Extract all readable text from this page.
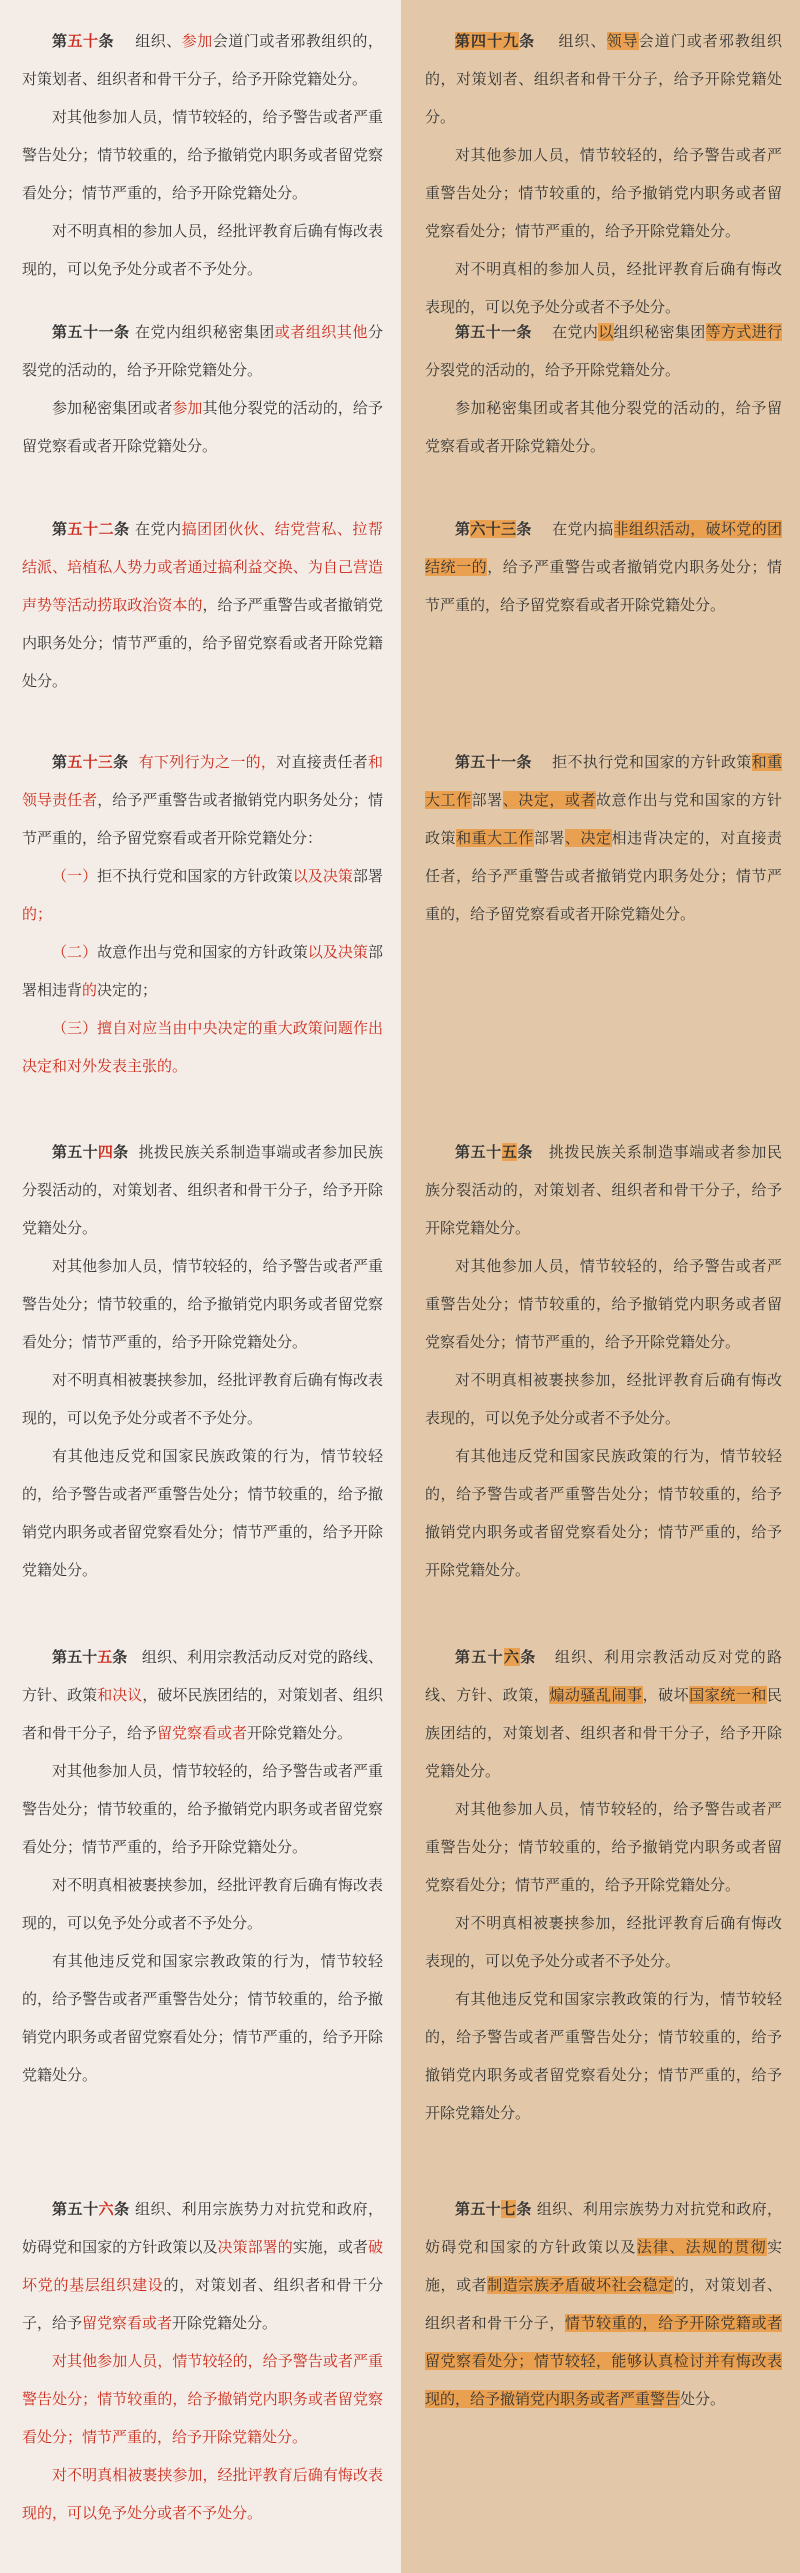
第五十条 组织、参加会道门或者邪教组织的，对策划者、组织者和骨干分子，给予开除党籍处分。

对其他参加人员，情节较轻的，给予警告或者严重警告处分；情节较重的，给予撤销党内职务或者留党察看处分；情节严重的，给予开除党籍处分。

对不明真相的参加人员，经批评教育后确有悔改表现的，可以免予处分或者不予处分。

第五十一条 在党内组织秘密集团或者组织其他分裂党的活动的，给予开除党籍处分。

参加秘密集团或者参加其他分裂党的活动的，给予留党察看或者开除党籍处分。

第五十二条 在党内搞团团伙伙、结党营私、拉帮结派、培植私人势力或者通过搞利益交换、为自己营造声势等活动捞取政治资本的，给予严重警告或者撤销党内职务处分；情节严重的，给予留党察看或者开除党籍处分。

第五十三条 有下列行为之一的，对直接责任者和领导责任者，给予严重警告或者撤销党内职务处分；情节严重的，给予留党察看或者开除党籍处分：

（一）拒不执行党和国家的方针政策以及决策部署的；

（二）故意作出与党和国家的方针政策以及决策部署相违背的决定的；

（三）擅自对应当由中央决定的重大政策问题作出决定和对外发表主张的。

第五十四条 挑拨民族关系制造事端或者参加民族分裂活动的，对策划者、组织者和骨干分子，给予开除党籍处分。

对其他参加人员，情节较轻的，给予警告或者严重警告处分；情节较重的，给予撤销党内职务或者留党察看处分；情节严重的，给予开除党籍处分。

对不明真相被裹挟参加，经批评教育后确有悔改表现的，可以免予处分或者不予处分。

有其他违反党和国家民族政策的行为，情节较轻的，给予警告或者严重警告处分；情节较重的，给予撤销党内职务或者留党察看处分；情节严重的，给予开除党籍处分。

第五十五条 组织、利用宗教活动反对党的路线、方针、政策和决议，破坏民族团结的，对策划者、组织者和骨干分子，给予留党察看或者开除党籍处分。

对其他参加人员，情节较轻的，给予警告或者严重警告处分；情节较重的，给予撤销党内职务或者留党察看处分；情节严重的，给予开除党籍处分。

对不明真相被裹挟参加，经批评教育后确有悔改表现的，可以免予处分或者不予处分。

有其他违反党和国家宗教政策的行为，情节较轻的，给予警告或者严重警告处分；情节较重的，给予撤销党内职务或者留党察看处分；情节严重的，给予开除党籍处分。

第五十六条 组织、利用宗族势力对抗党和政府，妨碍党和国家的方针政策以及决策部署的实施，或者破坏党的基层组织建设的，对策划者、组织者和骨干分子，给予留党察看或者开除党籍处分。

对其他参加人员，情节较轻的，给予警告或者严重警告处分；情节较重的，给予撤销党内职务或者留党察看处分；情节严重的，给予开除党籍处分。

对不明真相被裹挟参加，经批评教育后确有悔改表现的，可以免予处分或者不予处分。

第四十九条 组织、领导会道门或者邪教组织的，对策划者、组织者和骨干分子，给予开除党籍处分。

对其他参加人员，情节较轻的，给予警告或者严重警告处分；情节较重的，给予撤销党内职务或者留党察看处分；情节严重的，给予开除党籍处分。

对不明真相的参加人员，经批评教育后确有悔改表现的，可以免予处分或者不予处分。

第五十一条 在党内以组织秘密集团等方式进行分裂党的活动的，给予开除党籍处分。

参加秘密集团或者其他分裂党的活动的，给予留党察看或者开除党籍处分。

第六十三条 在党内搞非组织活动，破坏党的团结统一的，给予严重警告或者撤销党内职务处分；情节严重的，给予留党察看或者开除党籍处分。

第五十一条 拒不执行党和国家的方针政策和重大工作部署、决定，或者故意作出与党和国家的方针政策和重大工作部署、决定相违背决定的，对直接责任者，给予严重警告或者撤销党内职务处分；情节严重的，给予留党察看或者开除党籍处分。

第五十五条 挑拨民族关系制造事端或者参加民族分裂活动的，对策划者、组织者和骨干分子，给予开除党籍处分。

对其他参加人员，情节较轻的，给予警告或者严重警告处分；情节较重的，给予撤销党内职务或者留党察看处分；情节严重的，给予开除党籍处分。

对不明真相被裹挟参加，经批评教育后确有悔改表现的，可以免予处分或者不予处分。

有其他违反党和国家民族政策的行为，情节较轻的，给予警告或者严重警告处分；情节较重的，给予撤销党内职务或者留党察看处分；情节严重的，给予开除党籍处分。

第五十六条 组织、利用宗教活动反对党的路线、方针、政策，煽动骚乱闹事，破坏国家统一和民族团结的，对策划者、组织者和骨干分子，给予开除党籍处分。

对其他参加人员，情节较轻的，给予警告或者严重警告处分；情节较重的，给予撤销党内职务或者留党察看处分；情节严重的，给予开除党籍处分。

对不明真相被裹挟参加，经批评教育后确有悔改表现的，可以免予处分或者不予处分。

有其他违反党和国家宗教政策的行为，情节较轻的，给予警告或者严重警告处分；情节较重的，给予撤销党内职务或者留党察看处分；情节严重的，给予开除党籍处分。

第五十七条 组织、利用宗族势力对抗党和政府，妨碍党和国家的方针政策以及法律、法规的贯彻实施，或者制造宗族矛盾破坏社会稳定的，对策划者、组织者和骨干分子，情节较重的，给予开除党籍或者留党察看处分；情节较轻，能够认真检讨并有悔改表现的，给予撤销党内职务或者严重警告处分。
